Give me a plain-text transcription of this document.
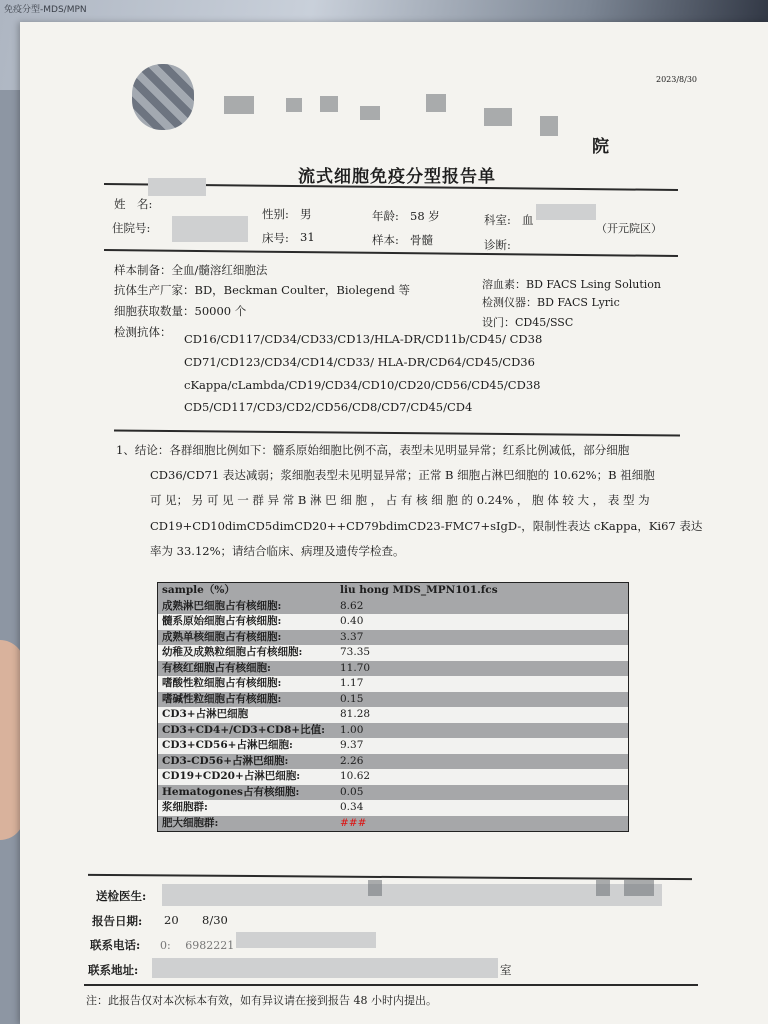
免疫分型-MDS/MPN
2023/8/30
院
流式细胞免疫分型报告单
姓　名:
性别: 男	年龄: 58 岁	科室: 血
（开元院区）
住院号:
床号: 31	样本: 骨髓	诊断:
样本制备：全血/髓溶红细胞法
溶血素：BD FACS Lsing Solution
抗体生产厂家：BD，Beckman Coulter，Biolegend 等
检测仪器：BD FACS Lyric
细胞获取数量：50000 个
设门：CD45/SSC
检测抗体： CD16/CD117/CD34/CD33/CD13/HLA-DR/CD11b/CD45/ CD38
CD71/CD123/CD34/CD14/CD33/ HLA-DR/CD64/CD45/CD36
cKappa/cLambda/CD19/CD34/CD10/CD20/CD56/CD45/CD38
CD5/CD117/CD3/CD2/CD56/CD8/CD7/CD45/CD4
1、结论：各群细胞比例如下：髓系原始细胞比例不高，表型未见明显异常；红系比例减低，部分细胞
CD36/CD71 表达减弱；浆细胞表型未见明显异常；正常 B 细胞占淋巴细胞的 10.62%；B 祖细胞
可 见； 另 可 见 一 群 异 常 B 淋 巴 细 胞 ， 占 有 核 细 胞 的 0.24% ， 胞 体 较 大 ， 表 型 为
CD19+CD10dimCD5dimCD20++CD79bdimCD23-FMC7+sIgD-，限制性表达 cKappa，Ki67 表达
率为 33.12%；请结合临床、病理及遗传学检查。
sample（%）	liu hong MDS_MPN101.fcs
成熟淋巴细胞占有核细胞:	8.62
髓系原始细胞占有核细胞:	0.40
成熟单核细胞占有核细胞:	3.37
幼稚及成熟粒细胞占有核细胞:	73.35
有核红细胞占有核细胞:	11.70
嗜酸性粒细胞占有核细胞:	1.17
嗜碱性粒细胞占有核细胞:	0.15
CD3+占淋巴细胞	81.28
CD3+CD4+/CD3+CD8+比值:	1.00
CD3+CD56+占淋巴细胞:	9.37
CD3-CD56+占淋巴细胞:	2.26
CD19+CD20+占淋巴细胞:	10.62
Hematogones占有核细胞:	0.05
浆细胞群:	0.34
肥大细胞群:	###
送检医生:
报告日期: 20 8/30
联系电话: 0:　 6982221
联系地址:	室
注：此报告仅对本次标本有效，如有异议请在接到报告 48 小时内提出。
